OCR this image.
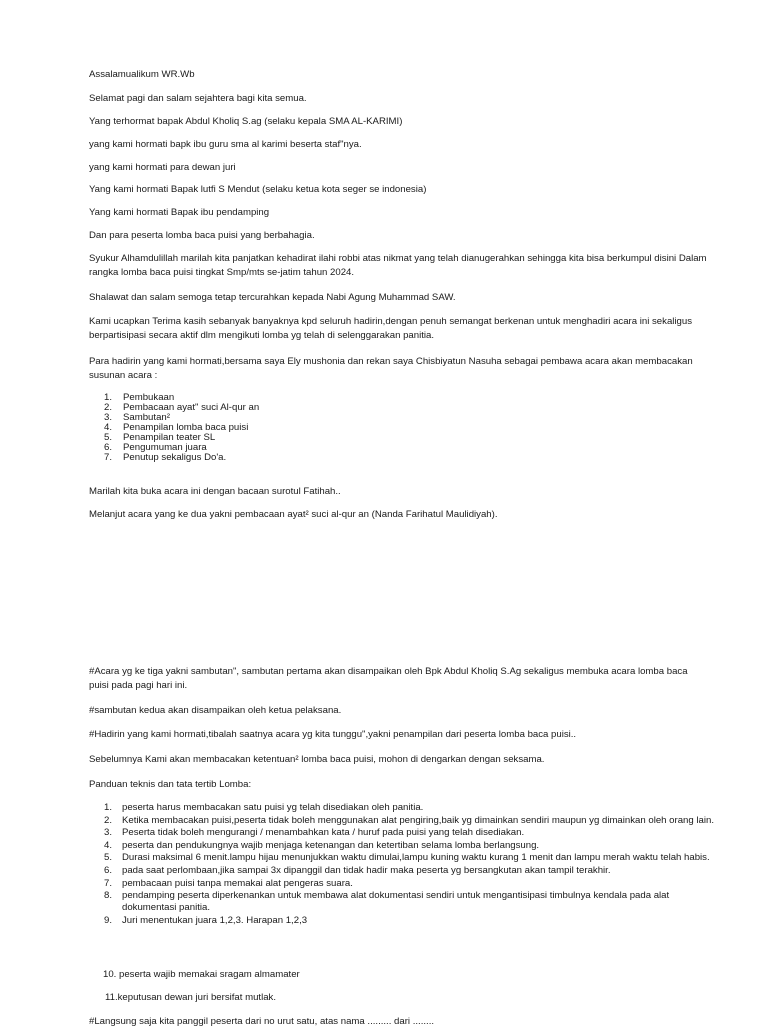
Assalamualikum WR.Wb

Selamat pagi dan salam sejahtera bagi kita semua.

Yang terhormat bapak Abdul Kholiq S.ag (selaku kepala SMA AL-KARIMI)

yang kami hormati bapk ibu guru sma al karimi beserta staf"nya.

yang kami hormati para dewan juri

Yang kami hormati Bapak lutfi S Mendut (selaku ketua kota seger se indonesia)

Yang kami hormati Bapak ibu pendamping

Dan para peserta lomba baca puisi yang berbahagia.

Syukur Alhamdulillah marilah kita panjatkan kehadirat ilahi robbi atas nikmat yang telah dianugerahkan sehingga kita bisa berkumpul disini Dalam rangka lomba baca puisi tingkat Smp/mts se-jatim tahun 2024.

Shalawat dan salam semoga tetap tercurahkan kepada Nabi Agung Muhammad SAW.

Kami ucapkan Terima kasih sebanyak banyaknya kpd seluruh hadirin,dengan penuh semangat berkenan untuk menghadiri acara ini sekaligus berpartisipasi secara aktif dlm mengikuti lomba yg telah di selenggarakan panitia.

Para hadirin yang kami hormati,bersama saya Ely mushonia dan rekan saya Chisbiyatun Nasuha sebagai pembawa acara akan membacakan susunan acara :

1. Pembukaan
2. Pembacaan ayat" suci Al-qur an
3. Sambutan²
4. Penampilan lomba baca puisi
5. Penampilan teater SL
6. Pengumuman juara
7. Penutup sekaligus Do'a.

Marilah kita buka acara ini dengan bacaan surotul Fatihah..

Melanjut acara yang ke dua yakni pembacaan ayat² suci al-qur an (Nanda Farihatul Maulidiyah).

#Acara yg ke tiga yakni sambutan", sambutan pertama akan disampaikan oleh Bpk Abdul Kholiq S.Ag sekaligus membuka acara lomba baca puisi pada pagi hari ini.

#sambutan kedua akan disampaikan oleh ketua pelaksana.

#Hadirin yang kami hormati,tibalah saatnya acara yg kita tunggu",yakni penampilan dari peserta lomba baca puisi..

Sebelumnya Kami akan membacakan ketentuan² lomba baca puisi, mohon di dengarkan dengan seksama.

Panduan teknis dan tata tertib Lomba:

1. peserta harus membacakan satu puisi yg telah disediakan oleh panitia.
2. Ketika membacakan puisi,peserta tidak boleh menggunakan alat pengiring,baik yg dimainkan sendiri maupun yg dimainkan oleh orang lain.
3. Peserta tidak boleh mengurangi / menambahkan kata / huruf pada puisi yang telah disediakan.
4. peserta dan pendukungnya wajib menjaga ketenangan dan ketertiban selama lomba berlangsung.
5. Durasi maksimal 6 menit.lampu hijau menunjukkan waktu dimulai,lampu kuning waktu kurang 1 menit dan lampu merah waktu telah habis.
6. pada saat perlombaan,jika sampai 3x dipanggil dan tidak hadir maka peserta yg bersangkutan akan tampil terakhir.
7. pembacaan puisi tanpa memakai alat pengeras suara.
8. pendamping peserta diperkenankan untuk membawa alat dokumentasi sendiri untuk mengantisipasi timbulnya kendala pada alat dokumentasi panitia.
9. Juri menentukan juara 1,2,3. Harapan 1,2,3

10. peserta wajib memakai sragam almamater

11.keputusan dewan juri bersifat mutlak.

#Langsung saja kita panggil peserta dari no urut satu, atas nama ......... dari ........
